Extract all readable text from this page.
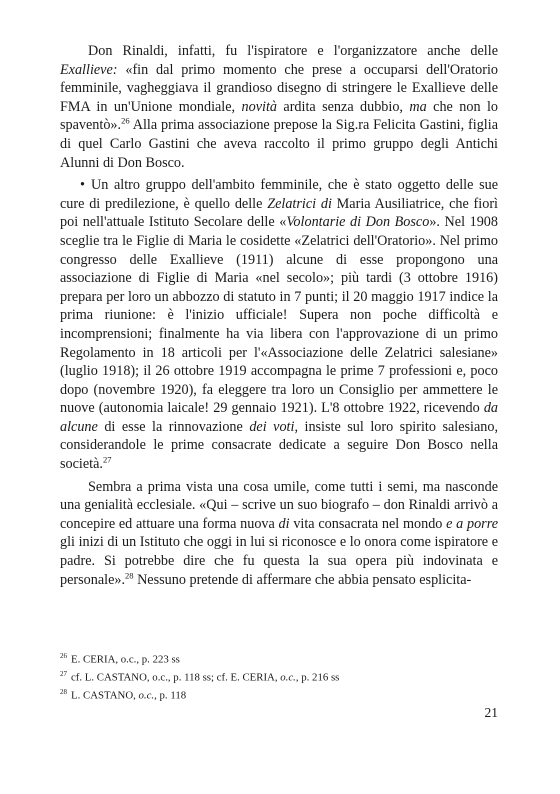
Don Rinaldi, infatti, fu l'ispiratore e l'organizzatore anche delle Exallieve: «fin dal primo momento che prese a occuparsi dell'Oratorio femminile, vagheggiava il grandioso disegno di stringere le Exallieve delle FMA in un'Unione mondiale, novità ardita senza dubbio, ma che non lo spaventò».$^{26}$ Alla prima associazione prepose la Sig.ra Felicita Gastini, figlia di quel Carlo Gastini che aveva raccolto il primo gruppo degli Antichi Alunni di Don Bosco.

• Un altro gruppo dell'ambito femminile, che è stato oggetto delle sue cure di predilezione, è quello delle Zelatrici di Maria Ausiliatrice, che fiorì poi nell'attuale Istituto Secolare delle «Volontarie di Don Bosco». Nel 1908 sceglie tra le Figlie di Maria le cosidette «Zelatrici dell'Oratorio». Nel primo congresso delle Exallieve (1911) alcune di esse propongono una associazione di Figlie di Maria «nel secolo»; più tardi (3 ottobre 1916) prepara per loro un abbozzo di statuto in 7 punti; il 20 maggio 1917 indice la prima riunione: è l'inizio ufficiale! Supera non poche difficoltà e incomprensioni; finalmente ha via libera con l'approvazione di un primo Regolamento in 18 articoli per l'«Associazione delle Zelatrici salesiane» (luglio 1918); il 26 ottobre 1919 accompagna le prime 7 professioni e, poco dopo (novembre 1920), fa eleggere tra loro un Consiglio per ammettere le nuove (autonomia laicale! 29 gennaio 1921). L'8 ottobre 1922, ricevendo da alcune di esse la rinnovazione dei voti, insiste sul loro spirito salesiano, considerandole le prime consacrate dedicate a seguire Don Bosco nella società.$^{27}$

Sembra a prima vista una cosa umile, come tutti i semi, ma nasconde una genialità ecclesiale. «Qui – scrive un suo biografo – don Rinaldi arrivò a concepire ed attuare una forma nuova di vita consacrata nel mondo e a porre gli inizi di un Istituto che oggi in lui si riconosce e lo onora come ispiratore e padre. Si potrebbe dire che fu questa la sua opera più indovinata e personale».$^{28}$ Nessuno pretende di affermare che abbia pensato esplicita-

$^{26}$ E. CERIA, o.c., p. 223 ss

$^{27}$ cf. L. CASTANO, o.c., p. 118 ss; cf. E. CERIA, o.c., p. 216 ss

$^{28}$ L. CASTANO, o.c., p. 118

21
